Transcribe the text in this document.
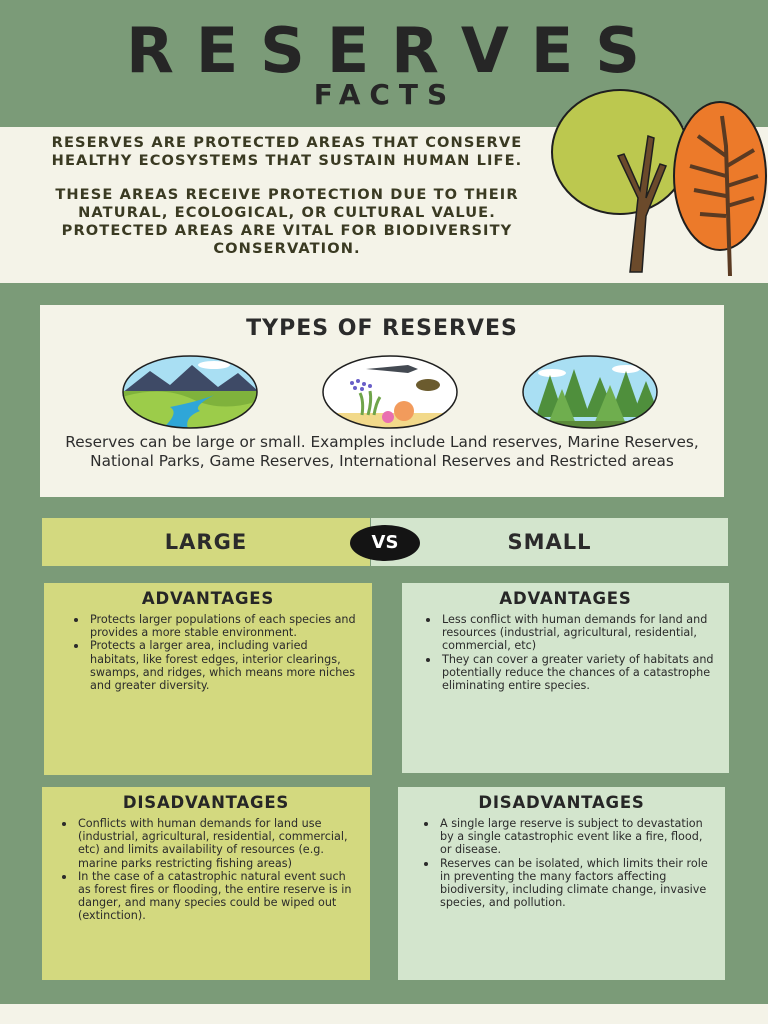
RESERVES
FACTS

RESERVES ARE PROTECTED AREAS THAT CONSERVE HEALTHY ECOSYSTEMS THAT SUSTAIN HUMAN LIFE.

THESE AREAS RECEIVE PROTECTION DUE TO THEIR NATURAL, ECOLOGICAL, OR CULTURAL VALUE. PROTECTED AREAS ARE VITAL FOR BIODIVERSITY CONSERVATION.

TYPES OF RESERVES
Reserves can be large or small. Examples include Land reserves, Marine Reserves, National Parks, Game Reserves, International Reserves and Restricted areas
LARGE	SMALL
VS
ADVANTAGES
Protects larger populations of each species and provides a more stable environment.
Protects a larger area, including varied habitats, like forest edges, interior clearings, swamps, and ridges, which means more niches and greater diversity.
ADVANTAGES
Less conflict with human demands for land and resources (industrial, agricultural, residential, commercial, etc)
They can cover a greater variety of habitats and potentially reduce the chances of a catastrophe eliminating entire species.
DISADVANTAGES
Conflicts with human demands for land use (industrial, agricultural, residential, commercial, etc) and limits availability of resources (e.g. marine parks restricting fishing areas)
In the case of a catastrophic natural event such as forest fires or flooding, the entire reserve is in danger, and many species could be wiped out (extinction).
DISADVANTAGES
A single large reserve is subject to devastation by a single catastrophic event like a fire, flood, or disease.
Reserves can be isolated, which limits their role in preventing the many factors affecting biodiversity, including climate change, invasive species, and pollution.
